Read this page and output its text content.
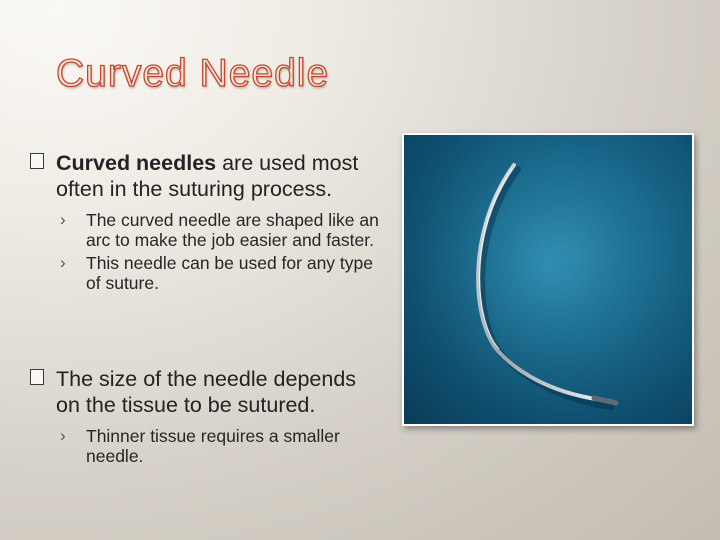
Curved Needle
Curved needles are used most often in the suturing process.
› The curved needle are shaped like an arc to make the job easier and faster.
› This needle can be used for any type of suture.
The size of the needle depends on the tissue to be sutured.
› Thinner tissue requires a smaller needle.
